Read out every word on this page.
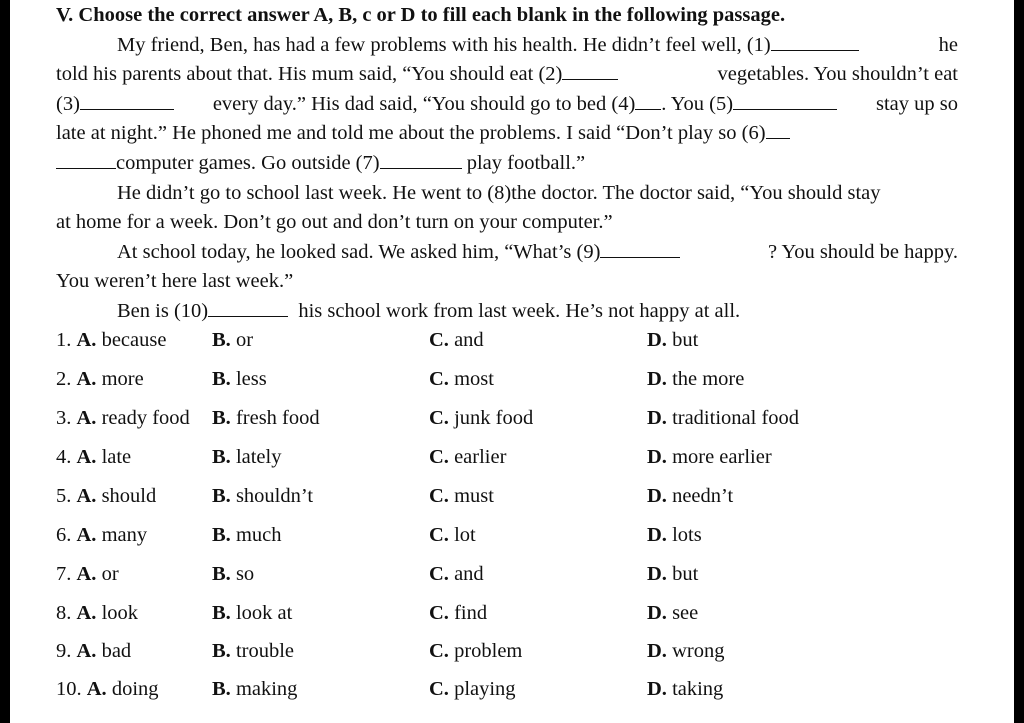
V. Choose the correct answer A, B, c or D to fill each blank in the following passage.
My friend, Ben, has had a few problems with his health. He didn’t feel well, (1)	he
told his parents about that. His mum said, “You should eat (2)	vegetables. You shouldn’t eat
(3)	every day.” His dad said, “You should go to bed (4) . You (5)	stay up so
late at night.” He phoned me and told me about the problems. I said “Don’t play so (6)
computer games. Go outside (7)	play football.”
He didn’t go to school last week. He went to (8)the doctor. The doctor said, “You should stay
at home for a week. Don’t go out and don’t turn on your computer.”
At school today, he looked sad. We asked him, “What’s (9)	? You should be happy.
You weren’t here last week.”
Ben is (10)	his school work from last week. He’s not happy at all.
1. A. because B. or	C. and	D. but
2. A. more	B. less	C. most	D. the more
3. A. ready food B. fresh food	C. junk food	D. traditional food
4. A. late	B. lately	C. earlier	D. more earlier
5. A. should	B. shouldn’t	C. must	D. needn’t
6. A. many	B. much	C. lot	D. lots
7. A. or	B. so	C. and	D. but
8. A. look	B. look at	C. find	D. see
9. A. bad	B. trouble	C. problem	D. wrong
10. A. doing	B. making	C. playing	D. taking
